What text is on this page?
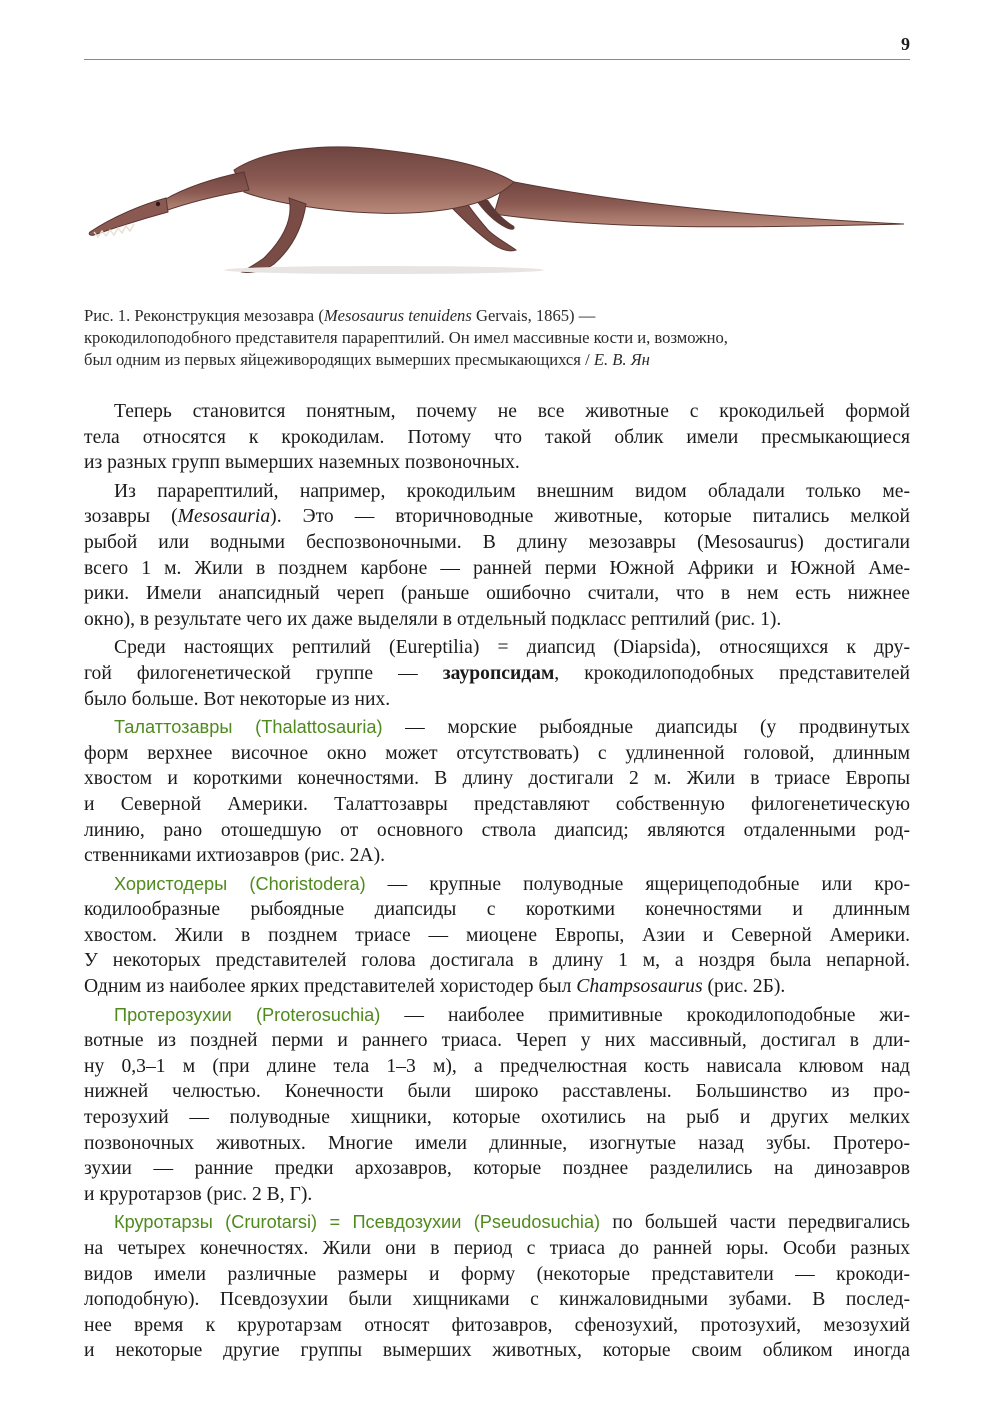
9
Рис. 1. Реконструкция мезозавра (Mesosaurus tenuidens Gervais, 1865) —
крокодилоподобного представителя парарептилий. Он имел массивные кости и, возможно,
был одним из первых яйцеживородящих вымерших пресмыкающихся / Е. В. Ян
Теперь становится понятным, почему не все животные с крокодильей формой
тела относятся к крокодилам. Потому что такой облик имели пресмыкающиеся
из разных групп вымерших наземных позвоночных.
Из парарептилий, например, крокодильим внешним видом обладали только ме-
зозавры (Mesosauria). Это — вторичноводные животные, которые питались мелкой
рыбой или водными беспозвоночными. В длину мезозавры (Mesosaurus) достигали
всего 1 м. Жили в позднем карбоне — ранней перми Южной Африки и Южной Аме-
рики. Имели анапсидный череп (раньше ошибочно считали, что в нем есть нижнее
окно), в результате чего их даже выделяли в отдельный подкласс рептилий (рис. 1).
Среди настоящих рептилий (Eureptilia) = диапсид (Diapsida), относящихся к дру-
гой филогенетической группе — зауропсидам, крокодилоподобных представителей
было больше. Вот некоторые из них.
Талаттозавры (Thalattosauria) — морские рыбоядные диапсиды (у продвинутых
форм верхнее височное окно может отсутствовать) с удлиненной головой, длинным
хвостом и короткими конечностями. В длину достигали 2 м. Жили в триасе Европы
и Северной Америки. Талаттозавры представляют собственную филогенетическую
линию, рано отошедшую от основного ствола диапсид; являются отдаленными род-
ственниками ихтиозавров (рис. 2А).
Хористодеры (Choristodera) — крупные полуводные ящерицеподобные или кро-
кодилообразные рыбоядные диапсиды с короткими конечностями и длинным
хвостом. Жили в позднем триасе — миоцене Европы, Азии и Северной Америки.
У некоторых представителей голова достигала в длину 1 м, а ноздря была непарной.
Одним из наиболее ярких представителей хористодер был Champsosaurus (рис. 2Б).
Протерозухии (Proterosuchia) — наиболее примитивные крокодилоподобные жи-
вотные из поздней перми и раннего триаса. Череп у них массивный, достигал в дли-
ну 0,3–1 м (при длине тела 1–3 м), а предчелюстная кость нависала клювом над
нижней челюстью. Конечности были широко расставлены. Большинство из про-
терозухий — полуводные хищники, которые охотились на рыб и других мелких
позвоночных животных. Многие имели длинные, изогнутые назад зубы. Протеро-
зухии — ранние предки архозавров, которые позднее разделились на динозавров
и круротарзов (рис. 2 В, Г).
Круротарзы (Crurotarsi) = Псевдозухии (Pseudosuchia) по большей части передвигались
на четырех конечностях. Жили они в период с триаса до ранней юры. Особи разных
видов имели различные размеры и форму (некоторые представители — крокоди-
лоподобную). Псевдозухии были хищниками с кинжаловидными зубами. В послед-
нее время к круротарзам относят фитозавров, сфенозухий, протозухий, мезозухий
и некоторые другие группы вымерших животных, которые своим обликом иногда
